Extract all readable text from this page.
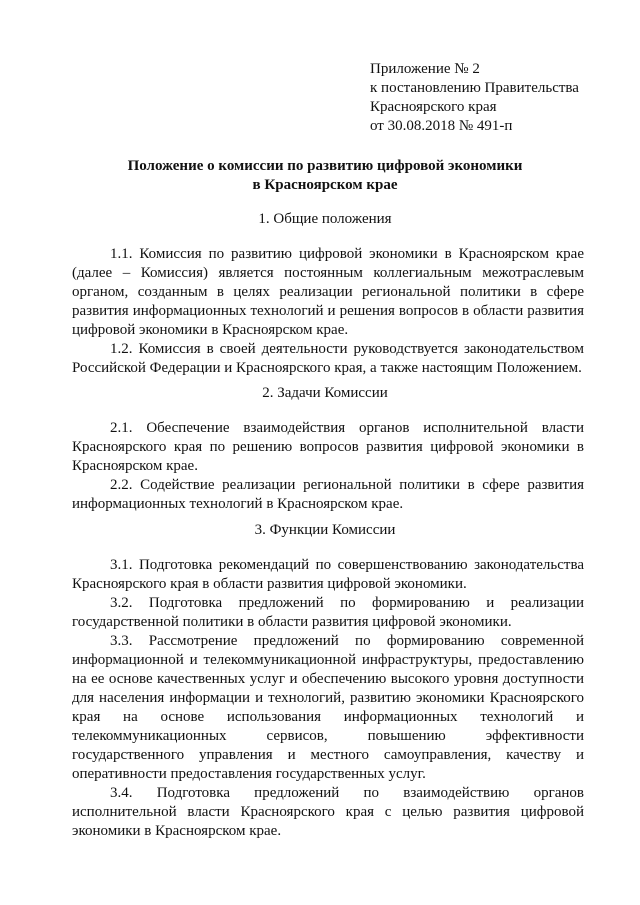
Приложение № 2
к постановлению Правительства
Красноярского края
от 30.08.2018 № 491-п
Положение о комиссии по развитию цифровой экономики
в Красноярском крае
1. Общие положения

1.1. Комиссия по развитию цифровой экономики в Красноярском крае (далее – Комиссия) является постоянным коллегиальным межотраслевым органом, созданным в целях реализации региональной политики в сфере развития информационных технологий и решения вопросов в области развития цифровой экономики в Красноярском крае.

1.2. Комиссия в своей деятельности руководствуется законодательством Российской Федерации и Красноярского края, а также настоящим Положением.

2. Задачи Комиссии

2.1. Обеспечение взаимодействия органов исполнительной власти Красноярского края по решению вопросов развития цифровой экономики в Красноярском крае.

2.2. Содействие реализации региональной политики в сфере развития информационных технологий в Красноярском крае.

3. Функции Комиссии

3.1. Подготовка рекомендаций по совершенствованию законодательства Красноярского края в области развития цифровой экономики.

3.2. Подготовка предложений по формированию и реализации государственной политики в области развития цифровой экономики.

3.3. Рассмотрение предложений по формированию современной информационной и телекоммуникационной инфраструктуры, предоставлению на ее основе качественных услуг и обеспечению высокого уровня доступности для населения информации и технологий, развитию экономики Красноярского края на основе использования информационных технологий и телекоммуникационных сервисов, повышению эффективности государственного управления и местного самоуправления, качеству и оперативности предоставления государственных услуг.

3.4. Подготовка предложений по взаимодействию органов исполнительной власти Красноярского края с целью развития цифровой экономики в Красноярском крае.
